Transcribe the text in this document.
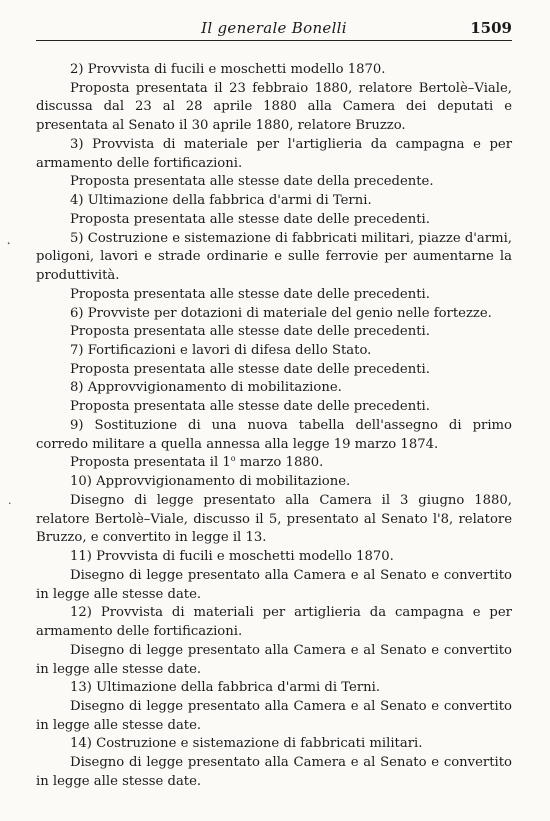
Il generale Bonelli	1509

2) Provvista di fucili e moschetti modello 1870.

Proposta presentata il 23 febbraio 1880, relatore Bertolè–Viale, discussa dal 23 al 28 aprile 1880 alla Camera dei deputati e presentata al Senato il 30 aprile 1880, relatore Bruzzo.

3) Provvista di materiale per l'artiglieria da campagna e per armamento delle fortificazioni.

Proposta presentata alle stesse date della precedente.

4) Ultimazione della fabbrica d'armi di Terni.

Proposta presentata alle stesse date delle precedenti.

5) Costruzione e sistemazione di fabbricati militari, piazze d'armi, poligoni, lavori e strade ordinarie e sulle ferrovie per aumentarne la produttività.

Proposta presentata alle stesse date delle precedenti.

6) Provviste per dotazioni di materiale del genio nelle fortezze.

Proposta presentata alle stesse date delle precedenti.

7) Fortificazioni e lavori di difesa dello Stato.

Proposta presentata alle stesse date delle precedenti.

8) Approvvigionamento di mobilitazione.

Proposta presentata alle stesse date delle precedenti.

9) Sostituzione di una nuova tabella dell'assegno di primo corredo militare a quella annessa alla legge 19 marzo 1874.

Proposta presentata il 1$^o$ marzo 1880.

10) Approvvigionamento di mobilitazione.

Disegno di legge presentato alla Camera il 3 giugno 1880, relatore Bertolè–Viale, discusso il 5, presentato al Senato l'8, relatore Bruzzo, e convertito in legge il 13.

11) Provvista di fucili e moschetti modello 1870.

Disegno di legge presentato alla Camera e al Senato e convertito in legge alle stesse date.

12) Provvista di materiali per artiglieria da campagna e per armamento delle fortificazioni.

Disegno di legge presentato alla Camera e al Senato e convertito in legge alle stesse date.

13) Ultimazione della fabbrica d'armi di Terni.

Disegno di legge presentato alla Camera e al Senato e convertito in legge alle stesse date.

14) Costruzione e sistemazione di fabbricati militari.

Disegno di legge presentato alla Camera e al Senato e convertito in legge alle stesse date.

˛
·
